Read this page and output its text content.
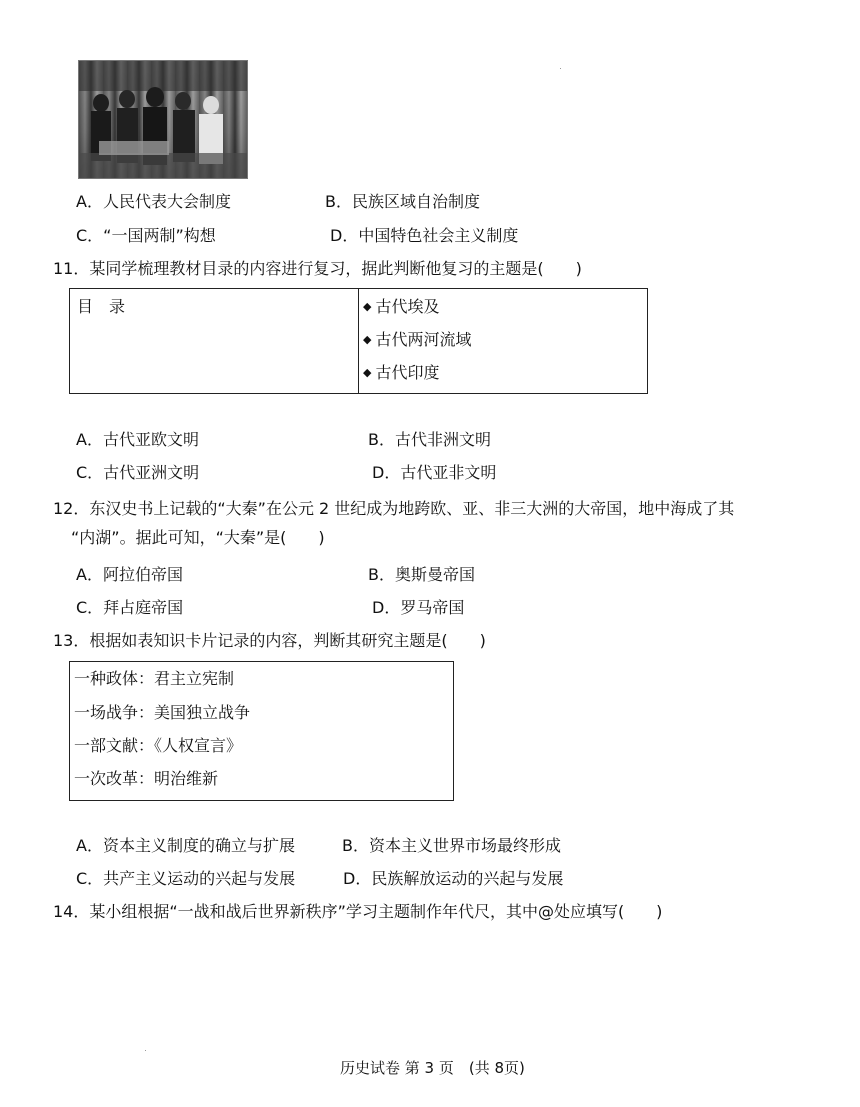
A．人民代表大会制度	B．民族区域自治制度
C．“一国两制”构想	D．中国特色社会主义制度
11．某同学梳理教材目录的内容进行复习，据此判断他复习的主题是(　　)
目　录	◆ 古代埃及
◆ 古代两河流域
◆ 古代印度
A．古代亚欧文明	B．古代非洲文明
C．古代亚洲文明	D．古代亚非文明
12．东汉史书上记载的“大秦”在公元 2 世纪成为地跨欧、亚、非三大洲的大帝国，地中海成了其
“内湖”。据此可知，“大秦”是(　　)
A．阿拉伯帝国	B．奥斯曼帝国
C．拜占庭帝国	D．罗马帝国
13．根据如表知识卡片记录的内容，判断其研究主题是(　　)
一种政体：君主立宪制
一场战争：美国独立战争
一部文献：《人权宣言》
一次改革：明治维新
A．资本主义制度的确立与扩展	B．资本主义世界市场最终形成
C．共产主义运动的兴起与发展	D．民族解放运动的兴起与发展
14．某小组根据“一战和战后世界新秩序”学习主题制作年代尺，其中@处应填写(　　)
历史试卷 第 3 页　(共 8页)
